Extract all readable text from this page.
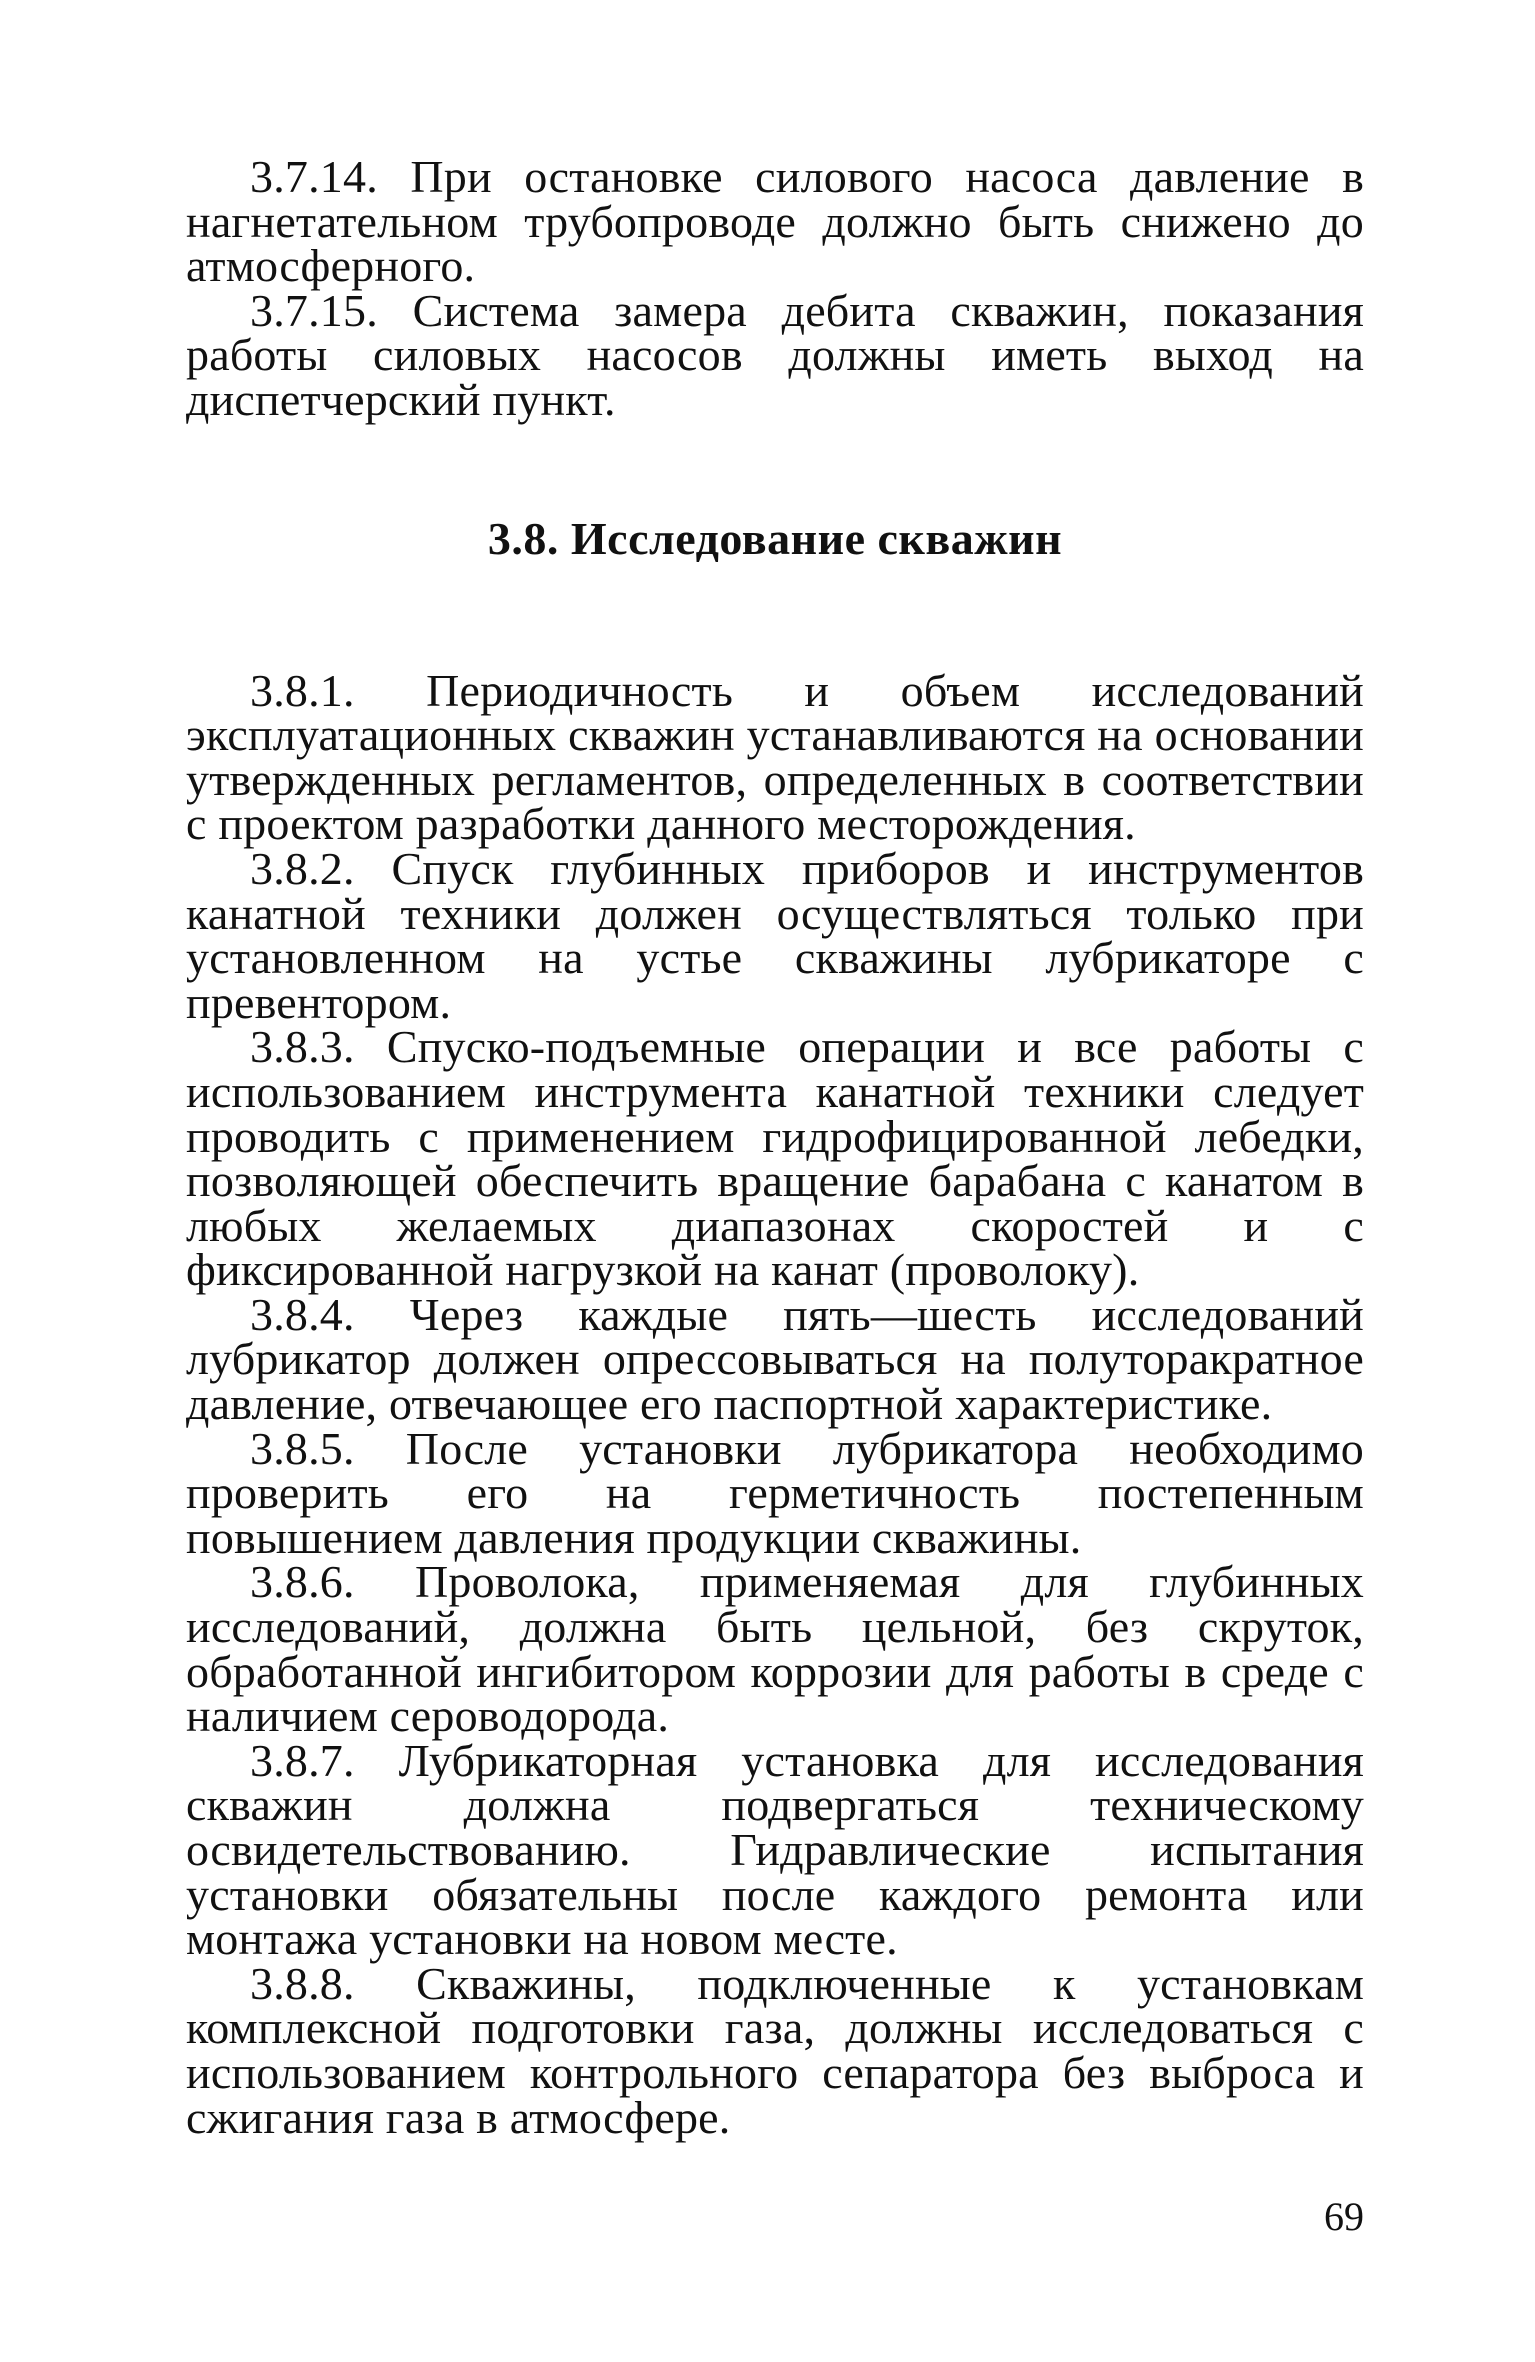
3.7.14. При остановке силового насоса давление в нагнетательном трубопроводе должно быть снижено до атмосферного.

3.7.15. Система замера дебита скважин, показания работы силовых насосов должны иметь выход на диспетчерский пункт.

3.8. Исследование скважин

3.8.1. Периодичность и объем исследований эксплуатационных скважин устанавливаются на основании утвержденных регламентов, определенных в соответствии с проектом разработки данного месторождения.

3.8.2. Спуск глубинных приборов и инструментов канатной техники должен осуществляться только при установленном на устье скважины лубрикаторе с превентором.

3.8.3. Спуско-подъемные операции и все работы с использованием инструмента канатной техники следует проводить с применением гидрофицированной лебедки, позволяющей обеспечить вращение барабана с канатом в любых желаемых диапазонах скоростей и с фиксированной нагрузкой на канат (проволоку).

3.8.4. Через каждые пять—шесть исследований лубрикатор должен опрессовываться на полуторакратное давление, отвечающее его паспортной характеристике.

3.8.5. После установки лубрикатора необходимо проверить его на герметичность постепенным повышением давления продукции скважины.

3.8.6. Проволока, применяемая для глубинных исследований, должна быть цельной, без скруток, обработанной ингибитором коррозии для работы в среде с наличием сероводорода.

3.8.7. Лубрикаторная установка для исследования скважин должна подвергаться техническому освидетельствованию. Гидравлические испытания установки обязательны после каждого ремонта или монтажа установки на новом месте.

3.8.8. Скважины, подключенные к установкам комплексной подготовки газа, должны исследоваться с использованием контрольного сепаратора без выброса и сжигания газа в атмосфере.

69
